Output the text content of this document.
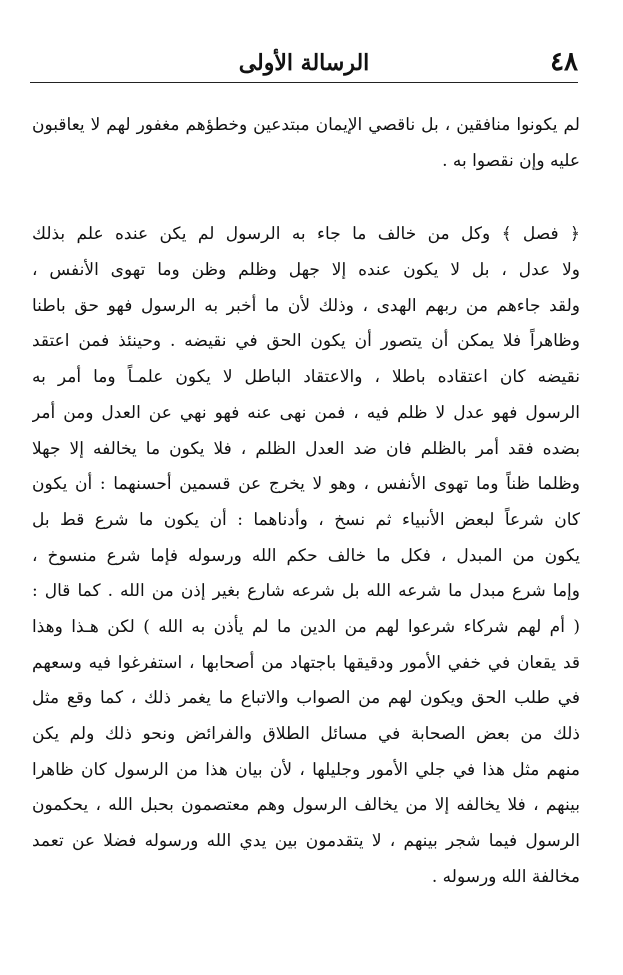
٤٨
الرسالة الأولى
لم يكونوا منافقين ، بل ناقصي الإيمان مبتدعين وخطؤهم مغفور لهم لا يعاقبون
عليه وإن نقصوا به .
﴿ فصل ﴾ وكل من خالف ما جاء به الرسول لم يكن عنده علم بذلك
ولا عدل ، بل لا يكون عنده إلا جهل وظلم وظن وما تهوى الأنفس ،
ولقد جاءهم من ربهم الهدى ، وذلك لأن ما أخبر به الرسول فهو حق باطنا
وظاهراً فلا يمكن أن يتصور أن يكون الحق في نقيضه . وحينئذ فمن اعتقد
نقيضه كان اعتقاده باطلا ، والاعتقاد الباطل لا يكون علمـاً وما أمر به
الرسول فهو عدل لا ظلم فيه ، فمن نهى عنه فهو نهي عن العدل ومن أمر
بضده فقد أمر بالظلم فان ضد العدل الظلم ، فلا يكون ما يخالفه إلا جهلا
وظلما ظناً وما تهوى الأنفس ، وهو لا يخرج عن قسمين أحسنهما : أن يكون
كان شرعاً لبعض الأنبياء ثم نسخ ، وأدناهما : أن يكون ما شرع قط بل
يكون من المبدل ، فكل ما خالف حكم الله ورسوله فإما شرع منسوخ ،
وإما شرع مبدل ما شرعه الله بل شرعه شارع بغير إذن من الله . كما قال :
( أم لهم شركاء شرعوا لهم من الدين ما لم يأذن به الله ) لكن هـذا وهذا
قد يقعان في خفي الأمور ودقيقها باجتهاد من أصحابها ، استفرغوا فيه وسعهم
في طلب الحق ويكون لهم من الصواب والاتباع ما يغمر ذلك ، كما وقع مثل
ذلك من بعض الصحابة في مسائل الطلاق والفرائض ونحو ذلك ولم يكن
منهم مثل هذا في جلي الأمور وجليلها ، لأن بيان هذا من الرسول كان ظاهرا
بينهم ، فلا يخالفه إلا من يخالف الرسول وهم معتصمون بحبل الله ، يحكمون
الرسول فيما شجر بينهم ، لا يتقدمون بين يدي الله ورسوله فضلا عن تعمد
مخالفة الله ورسوله .
